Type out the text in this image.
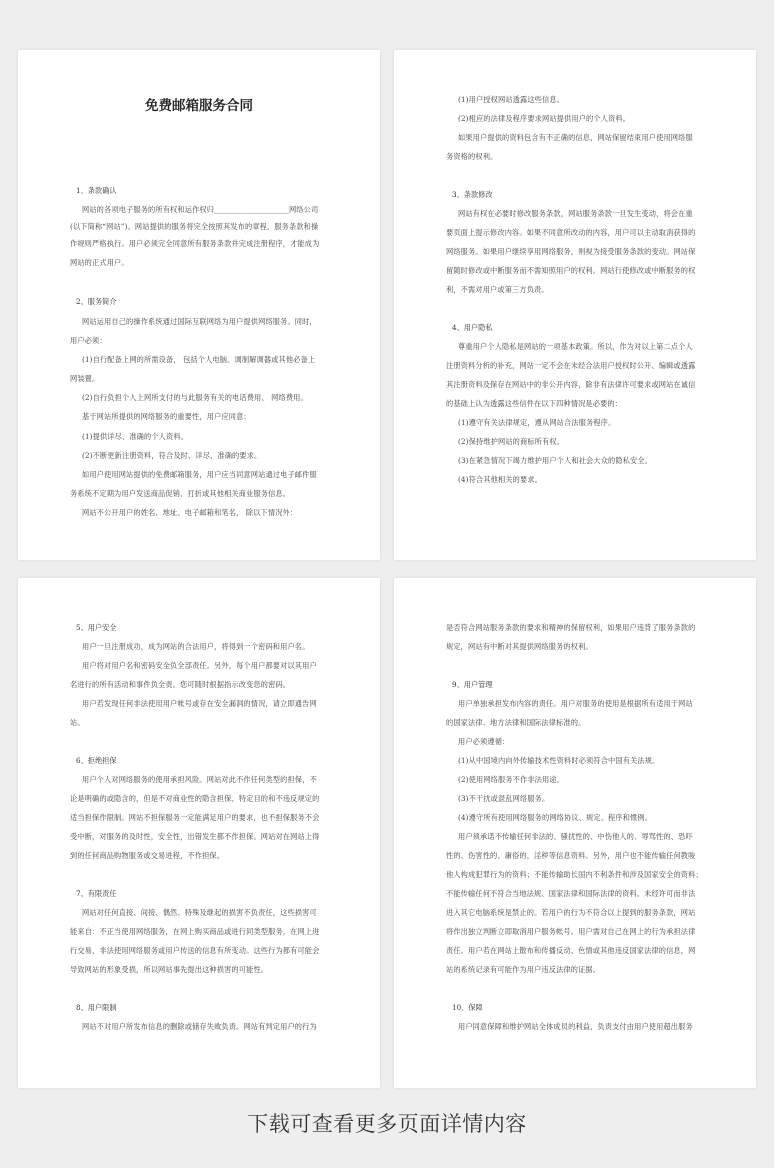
免费邮箱服务合同

1、条款确认

网站的各项电子服务的所有权和运作权归____________________网络公司

(以下简称“网站”)。网站提供的服务将完全按照其发布的章程、服务条款和操

作规则严格执行。用户必须完全同意所有服务条款并完成注册程序，才能成为

网站的正式用户。

2、服务简介

网站运用自己的操作系统通过国际互联网络为用户提供网络服务。同时，

用户必须：

(1)自行配备上网的所需设备， 包括个人电脑、调制解调器或其他必备上

网装置。

(2)自行负担个人上网所支付的与此服务有关的电话费用、 网络费用。

基于网站所提供的网络服务的重要性，用户应同意：

(1)提供详尽、准确的个人资料。

(2)不断更新注册资料，符合及时、详尽、准确的要求。

如用户使用网站提供的免费邮箱服务，用户应当同意网站通过电子邮件服

务系统不定期为用户发送商品促销、打折或其他相关商业服务信息。

网站不公开用户的姓名、地址、电子邮箱和笔名， 除以下情况外：

(1)用户授权网站透露这些信息。

(2)相应的法律及程序要求网站提供用户的个人资料。

如果用户提供的资料包含有不正确的信息，网站保留结束用户使用网络服

务资格的权利。

3、条款修改

网站有权在必要时修改服务条款，网站服务条款一旦发生变动，将会在重

要页面上提示修改内容。如果不同意所改动的内容，用户可以主动取消获得的

网络服务。如果用户继续享用网络服务，则视为接受服务条款的变动。网站保

留随时修改或中断服务而不需知照用户的权利。网站行使修改或中断服务的权

利，不需对用户或第三方负责。

4、用户隐私

尊重用户个人隐私是网站的一项基本政策。所以，作为对以上第二点个人

注册资料分析的补充，网站一定不会在未经合法用户授权时公开、编辑或透露

其注册资料及保存在网站中的非公开内容，除非有法律许可要求或网站在诚信

的基础上认为透露这些信件在以下四种情况是必要的：

(1)遵守有关法律规定，遵从网站合法服务程序。

(2)保持维护网站的商标所有权。

(3)在紧急情况下竭力维护用户个人和社会大众的隐私安全。

(4)符合其他相关的要求。

5、用户安全

用户一旦注册成功，成为网站的合法用户，将得到一个密码和用户名。

用户将对用户名和密码安全负全部责任。另外，每个用户都要对以其用户

名进行的所有活动和事件负全责。您可随时根据指示改变您的密码。

用户若发现任何非法使用用户帐号或存在安全漏洞的情况，请立即通告网

站。

6、拒绝担保

用户个人对网络服务的使用承担风险。网站对此不作任何类型的担保，不

论是明确的或隐含的，但是不对商业性的隐含担保、特定目的和不违反规定的

适当担保作限制。网站不担保服务一定能满足用户的要求，也不担保服务不会

受中断，对服务的及时性，安全性，出错发生都不作担保。网站对在网站上得

到的任何商品购物服务或交易进程，不作担保。

7、有限责任

网站对任何直接、间接、偶然、特殊及继起的损害不负责任，这些损害可

能来自：不正当使用网络服务，在网上购买商品或进行同类型服务，在网上进

行交易，非法使用网络服务或用户传送的信息有所变动。这些行为都有可能会

导致网站的形象受损，所以网站事先提出这种损害的可能性。

8、用户限制

网站不对用户所发布信息的删除或储存失败负责。网站有判定用户的行为

是否符合网站服务条款的要求和精神的保留权利，如果用户违背了服务条款的

规定，网站有中断对其提供网络服务的权利。

9、用户管理

用户单独承担发布内容的责任。用户对服务的使用是根据所有适用于网站

的国家法律、地方法律和国际法律标准的。

用户必须遵循：

(1)从中国境内向外传输技术性资料时必须符合中国有关法规。

(2)使用网络服务不作非法用途。

(3)不干扰或混乱网络服务。

(4)遵守所有使用网络服务的网络协议、规定、程序和惯例。

用户须承诺不传输任何非法的、骚扰性的、中伤他人的、辱骂性的、恐吓

性的、伤害性的、庸俗的，淫秽等信息资料。另外，用户也不能传输任何教唆

他人构成犯罪行为的资料；不能传输助长国内不利条件和涉及国家安全的资料；

不能传输任何不符合当地法规、国家法律和国际法律的资料。未经许可而非法

进入其它电脑系统是禁止的。若用户的行为不符合以上提到的服务条款，网站

将作出独立判断立即取消用户服务帐号。用户需对自己在网上的行为承担法律

责任。用户若在网站上散布和传播反动、色情或其他违反国家法律的信息，网

站的系统记录有可能作为用户违反法律的证据。

10、保障

用户同意保障和维护网站全体成员的利益，负责支付由用户使用超出服务

下载可查看更多页面详情内容
